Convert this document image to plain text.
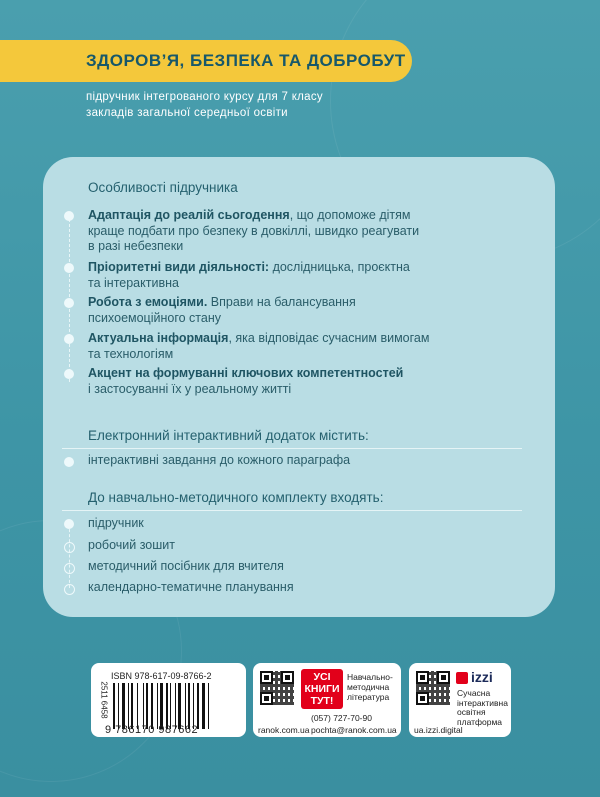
ЗДОРОВ’Я, БЕЗПЕКА ТА ДОБРОБУТ
підручник інтегрованого курсу для 7 класу
закладів загальної середньої освіти
Особливості підручника
Адаптація до реалій сьогодення, що допоможе дітям
краще подбати про безпеку в довкіллі, швидко реагувати
в разі небезпеки
Пріоритетні види діяльності: дослідницька, проєктна
та інтерактивна
Робота з емоціями. Вправи на балансування
психоемоційного стану
Актуальна інформація, яка відповідає сучасним вимогам
та технологіям
Акцент на формуванні ключових компетентностей
і застосуванні їх у реальному житті
Електронний інтерактивний додаток містить:
інтерактивні завдання до кожного параграфа
До навчально-методичного комплекту входять:
підручник
робочий зошит
методичний посібник для вчителя
календарно-тематичне планування
ISBN 978-617-09-8766-2
2511 6458
9 786170 987662
УСІ
КНИГИ
ТУТ!
Навчально-
методична
література
(057) 727-70-90
ranok.com.ua pochta@ranok.com.ua
izzi
Сучасна
інтерактивна
освітня
платформа
ua.izzi.digital
